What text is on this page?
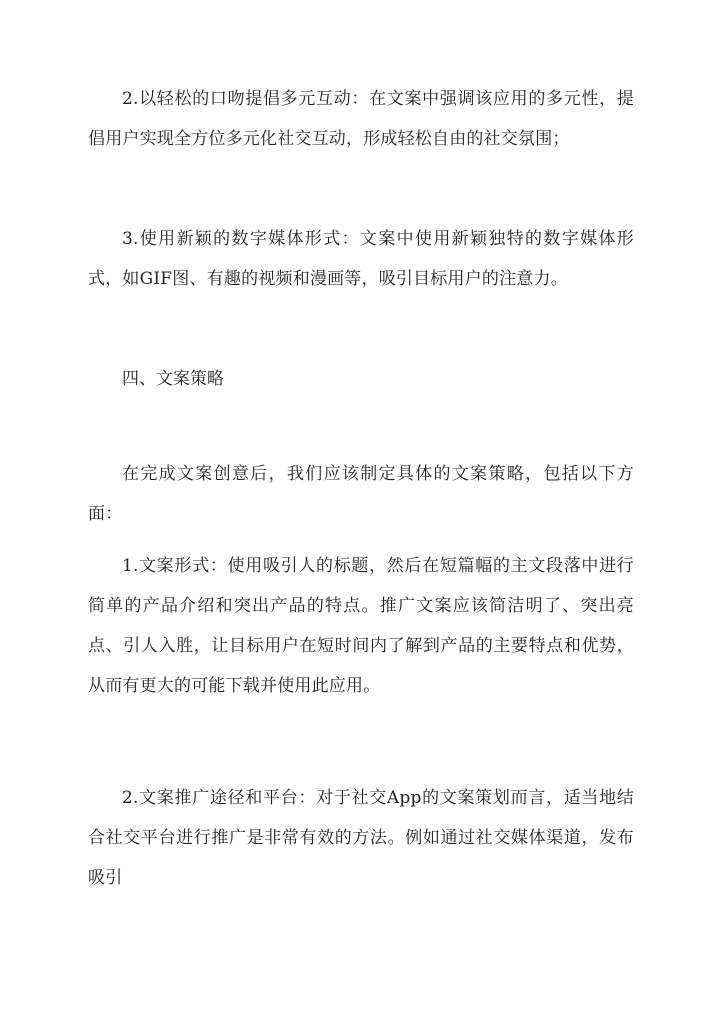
2.以轻松的口吻提倡多元互动：在文案中强调该应用的多元性，提倡用户实现全方位多元化社交互动，形成轻松自由的社交氛围；

3.使用新颖的数字媒体形式：文案中使用新颖独特的数字媒体形式，如GIF图、有趣的视频和漫画等，吸引目标用户的注意力。

四、文案策略

在完成文案创意后，我们应该制定具体的文案策略，包括以下方面：

1.文案形式：使用吸引人的标题，然后在短篇幅的主文段落中进行简单的产品介绍和突出产品的特点。推广文案应该简洁明了、突出亮点、引人入胜，让目标用户在短时间内了解到产品的主要特点和优势，从而有更大的可能下载并使用此应用。

2.文案推广途径和平台：对于社交App的文案策划而言，适当地结合社交平台进行推广是非常有效的方法。例如通过社交媒体渠道，发布吸引
